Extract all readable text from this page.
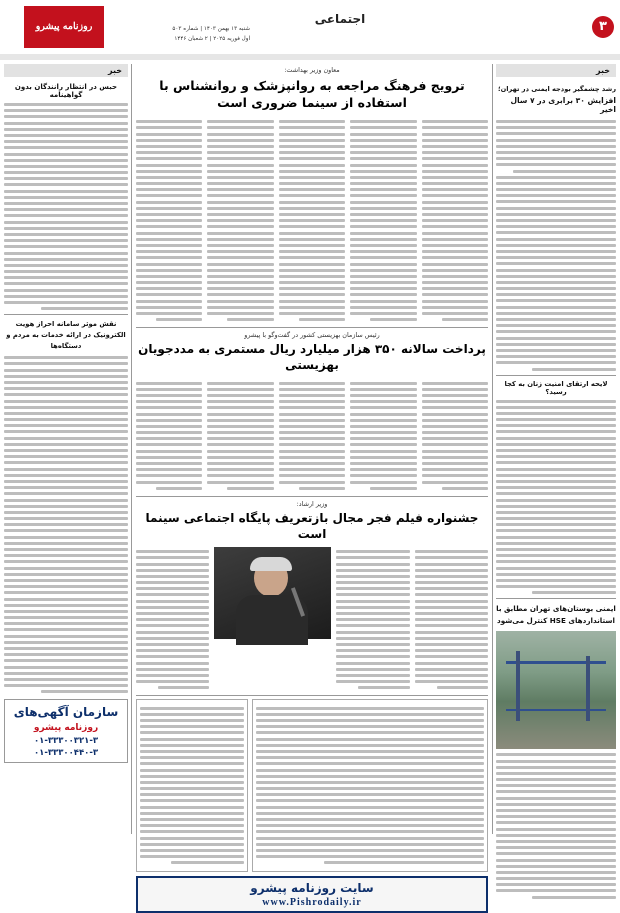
۳
اجتماعی
روزنامه پیشرو	شنبه ۱۳ بهمن ۱۴۰۳ | شماره ۵۰۳
اول فوریه ۲۰۲۵ | ۲ شعبان ۱۴۴۶
خبر
رشد چشمگیر بودجه ایمنی در تهران؛
افزایش ۳۰ برابری در ۷ سال اخیر
لایحه ارتقای امنیت زنان به کجا رسید؟
ایمنی بوستان‌های تهران مطابق با استانداردهای HSE کنترل می‌شود
خبر
حبس در انتظار رانندگان بدون گواهینامه
نقش موثر سامانه احراز هویت الکترونیک در ارائه خدمات به مردم و دستگاه‌ها
سازمان آگهی‌های
روزنامه پیشرو
۰۱-۳۳۳۰۰۳۲۱-۳
۰۱-۳۳۳۰۰۴۴۰-۳
معاون وزیر بهداشت:
ترویج فرهنگ مراجعه به روانپزشک و روانشناس با استفاده از سینما ضروری است
رئیس سازمان بهزیستی کشور در گفت‌وگو با پیشرو
پرداخت سالانه ۳۵۰ هزار میلیارد ریال مستمری به مددجویان بهزیستی
وزیر ارشاد:
جشنواره فیلم فجر مجال بازتعریف پایگاه اجتماعی سینما است
سایت روزنامه پیشرو
www.Pishrodaily.ir
